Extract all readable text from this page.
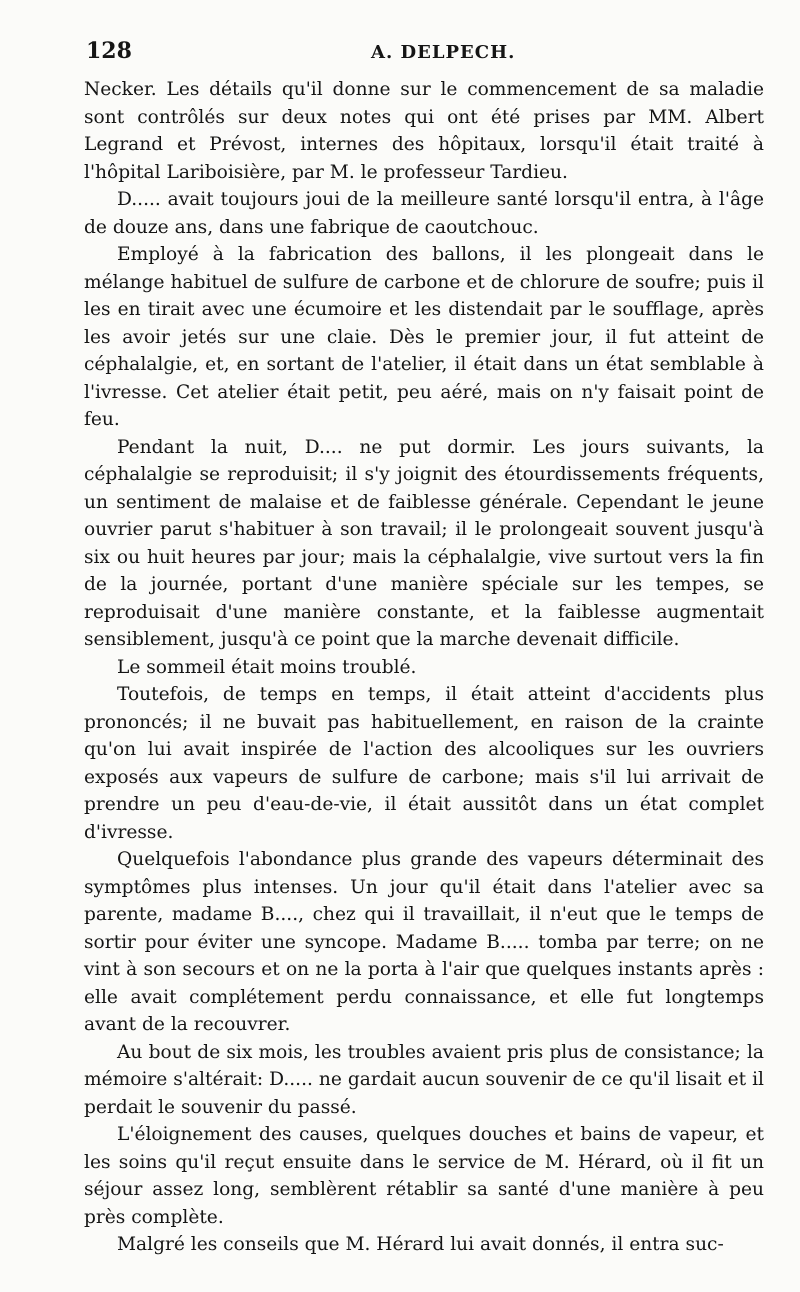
128	A. DELPECH.

Necker. Les détails qu'il donne sur le commencement de sa maladie sont contrôlés sur deux notes qui ont été prises par MM. Albert Legrand et Prévost, internes des hôpitaux, lorsqu'il était traité à l'hôpital Lariboisière, par M. le professeur Tardieu.

D..... avait toujours joui de la meilleure santé lorsqu'il entra, à l'âge de douze ans, dans une fabrique de caoutchouc.

Employé à la fabrication des ballons, il les plongeait dans le mélange habituel de sulfure de carbone et de chlorure de soufre; puis il les en tirait avec une écumoire et les distendait par le soufflage, après les avoir jetés sur une claie. Dès le premier jour, il fut atteint de céphalalgie, et, en sortant de l'atelier, il était dans un état semblable à l'ivresse. Cet atelier était petit, peu aéré, mais on n'y faisait point de feu.

Pendant la nuit, D.... ne put dormir. Les jours suivants, la céphalalgie se reproduisit; il s'y joignit des étourdissements fréquents, un sentiment de malaise et de faiblesse générale. Cependant le jeune ouvrier parut s'habituer à son travail; il le prolongeait souvent jusqu'à six ou huit heures par jour; mais la céphalalgie, vive surtout vers la fin de la journée, portant d'une manière spéciale sur les tempes, se reproduisait d'une manière constante, et la faiblesse augmentait sensiblement, jusqu'à ce point que la marche devenait difficile.

Le sommeil était moins troublé.

Toutefois, de temps en temps, il était atteint d'accidents plus prononcés; il ne buvait pas habituellement, en raison de la crainte qu'on lui avait inspirée de l'action des alcooliques sur les ouvriers exposés aux vapeurs de sulfure de carbone; mais s'il lui arrivait de prendre un peu d'eau-de-vie, il était aussitôt dans un état complet d'ivresse.

Quelquefois l'abondance plus grande des vapeurs déterminait des symptômes plus intenses. Un jour qu'il était dans l'atelier avec sa parente, madame B...., chez qui il travaillait, il n'eut que le temps de sortir pour éviter une syncope. Madame B..... tomba par terre; on ne vint à son secours et on ne la porta à l'air que quelques instants après : elle avait complétement perdu connaissance, et elle fut longtemps avant de la recouvrer.

Au bout de six mois, les troubles avaient pris plus de consistance; la mémoire s'altérait: D..... ne gardait aucun souvenir de ce qu'il lisait et il perdait le souvenir du passé.

L'éloignement des causes, quelques douches et bains de vapeur, et les soins qu'il reçut ensuite dans le service de M. Hérard, où il fit un séjour assez long, semblèrent rétablir sa santé d'une manière à peu près complète.

Malgré les conseils que M. Hérard lui avait donnés, il entra suc-
